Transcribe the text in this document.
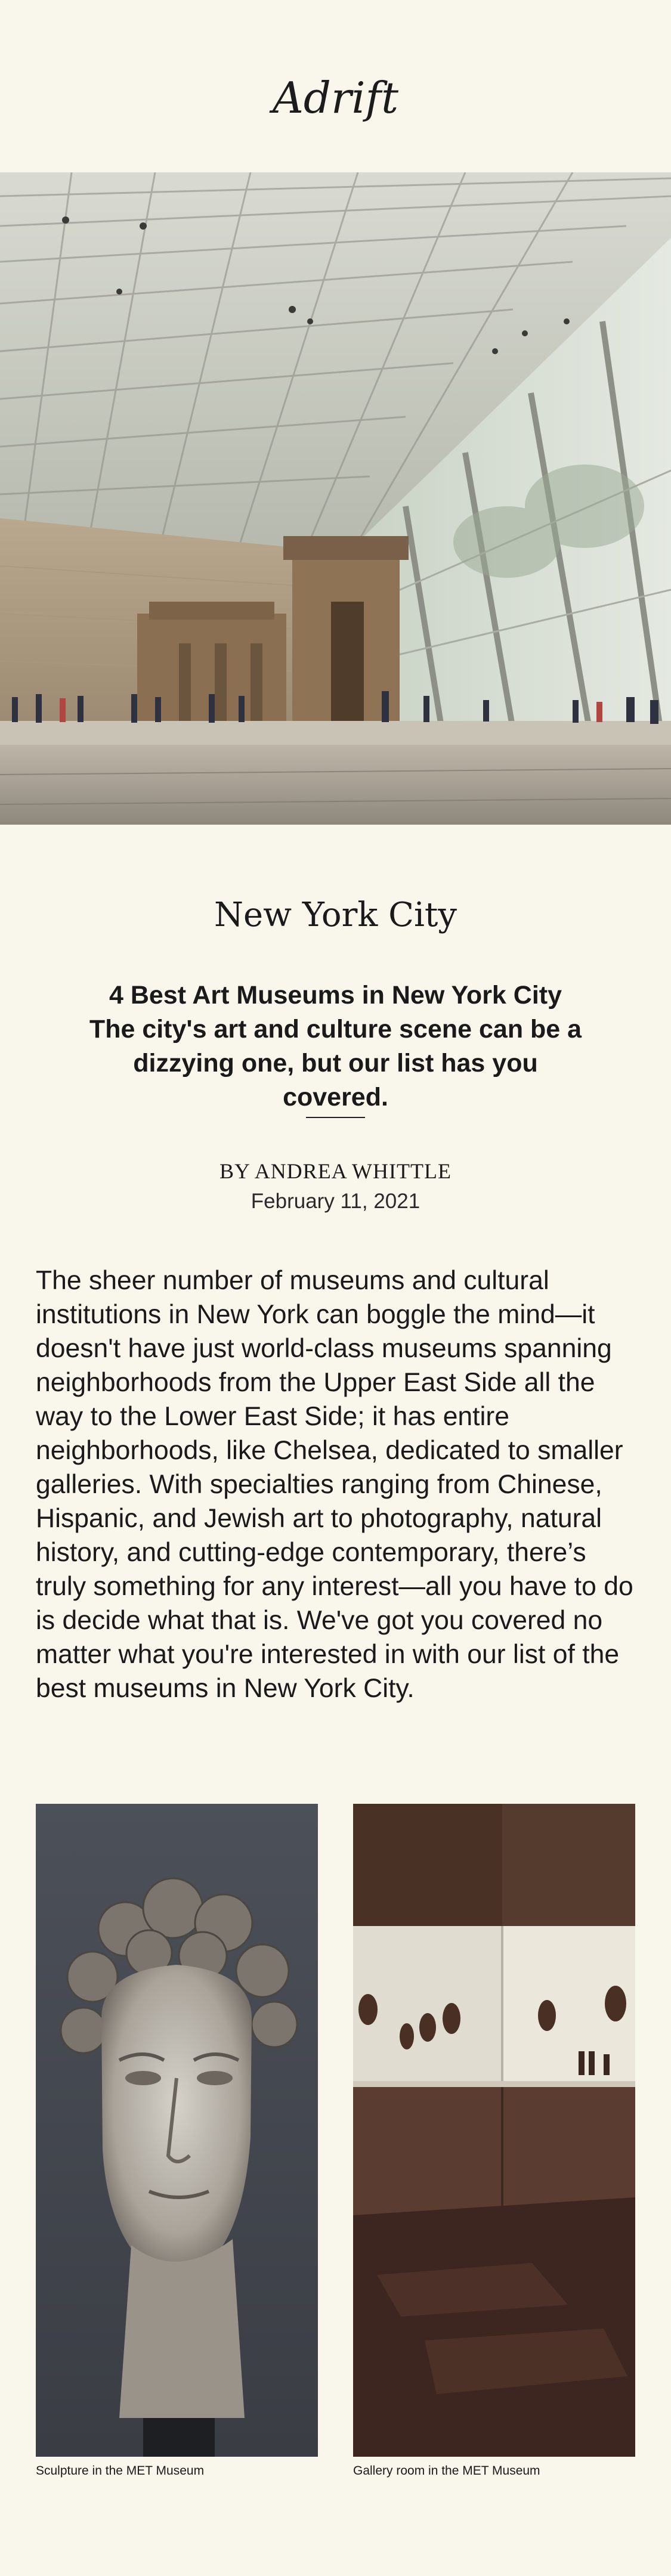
Adrift
New York City
4 Best Art Museums in New York City
The city's art and culture scene can be a dizzying one, but our list has you covered.
BY ANDREA WHITTLE
February 11, 2021

The sheer number of museums and cultural institutions in New York can boggle the mind—it doesn't have just world-class museums spanning neighborhoods from the Upper East Side all the way to the Lower East Side; it has entire neighborhoods, like Chelsea, dedicated to smaller galleries. With specialties ranging from Chinese, Hispanic, and Jewish art to photography, natural history, and cutting-edge contemporary, there’s truly something for any interest—all you have to do is decide what that is. We've got you covered no matter what you're interested in with our list of the best museums in New York City.

Sculpture in the MET Museum	Gallery room in the MET Museum
